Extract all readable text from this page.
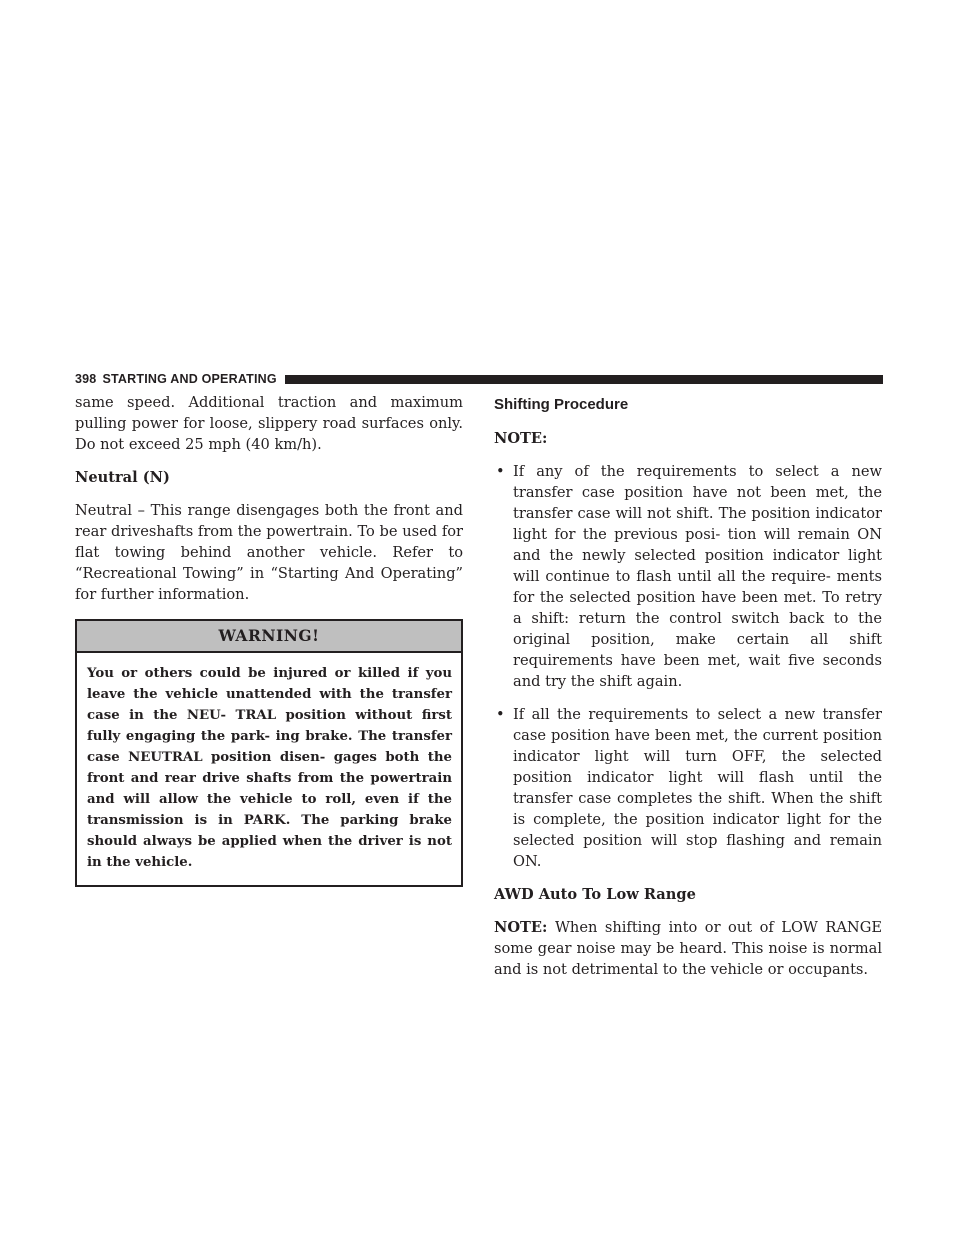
398 STARTING AND OPERATING

same speed. Additional traction and maximum pulling power for loose, slippery road surfaces only. Do not exceed 25 mph (40 km/h).

Neutral (N)

Neutral – This range disengages both the front and rear driveshafts from the powertrain. To be used for flat towing behind another vehicle. Refer to “Recreational Towing” in “Starting And Operating” for further information.

WARNING!
You or others could be injured or killed if you leave the vehicle unattended with the transfer case in the NEU- TRAL position without first fully engaging the park- ing brake. The transfer case NEUTRAL position disen- gages both the front and rear drive shafts from the powertrain and will allow the vehicle to roll, even if the transmission is in PARK. The parking brake should always be applied when the driver is not in the vehicle.
Shifting Procedure

NOTE:

• If any of the requirements to select a new transfer case position have not been met, the transfer case will not shift. The position indicator light for the previous posi- tion will remain ON and the newly selected position indicator light will continue to flash until all the require- ments for the selected position have been met. To retry a shift: return the control switch back to the original position, make certain all shift requirements have been met, wait five seconds and try the shift again.
• If all the requirements to select a new transfer case position have been met, the current position indicator light will turn OFF, the selected position indicator light will flash until the transfer case completes the shift. When the shift is complete, the position indicator light for the selected position will stop flashing and remain ON.

AWD Auto To Low Range

NOTE: When shifting into or out of LOW RANGE some gear noise may be heard. This noise is normal and is not detrimental to the vehicle or occupants.
